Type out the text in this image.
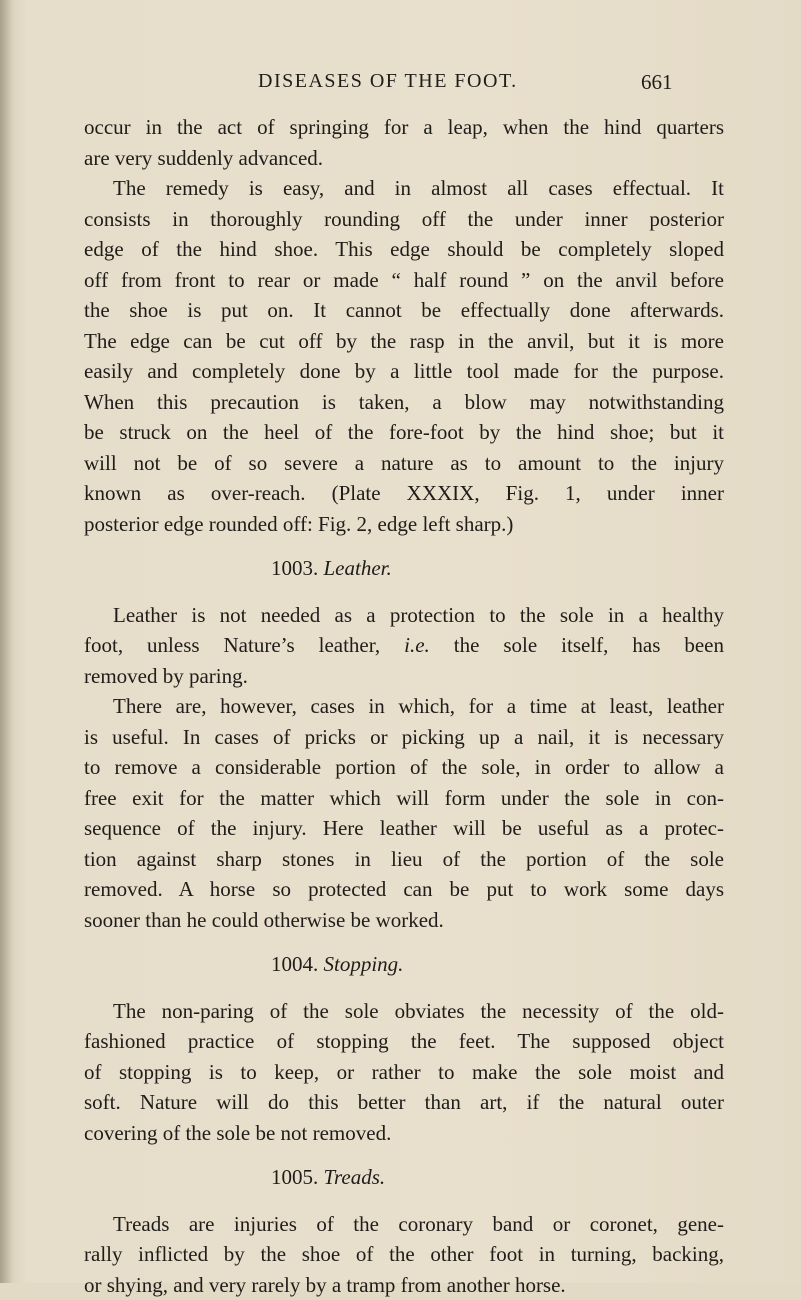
DISEASES OF THE FOOT.	661
occur in the act of springing for a leap, when the hind quarters
are very suddenly advanced.
The remedy is easy, and in almost all cases effectual. It
consists in thoroughly rounding off the under inner posterior
edge of the hind shoe. This edge should be completely sloped
off from front to rear or made “ half round ” on the anvil before
the shoe is put on. It cannot be effectually done afterwards.
The edge can be cut off by the rasp in the anvil, but it is more
easily and completely done by a little tool made for the purpose.
When this precaution is taken, a blow may notwithstanding
be struck on the heel of the fore-foot by the hind shoe; but it
will not be of so severe a nature as to amount to the injury
known as over-reach. (Plate XXXIX, Fig. 1, under inner
posterior edge rounded off: Fig. 2, edge left sharp.)
1003. Leather.
Leather is not needed as a protection to the sole in a healthy
foot, unless Nature’s leather, i.e. the sole itself, has been
removed by paring.
There are, however, cases in which, for a time at least, leather
is useful. In cases of pricks or picking up a nail, it is necessary
to remove a considerable portion of the sole, in order to allow a
free exit for the matter which will form under the sole in con-
sequence of the injury. Here leather will be useful as a protec-
tion against sharp stones in lieu of the portion of the sole
removed. A horse so protected can be put to work some days
sooner than he could otherwise be worked.
1004. Stopping.
The non-paring of the sole obviates the necessity of the old-
fashioned practice of stopping the feet. The supposed object
of stopping is to keep, or rather to make the sole moist and
soft. Nature will do this better than art, if the natural outer
covering of the sole be not removed.
1005. Treads.
Treads are injuries of the coronary band or coronet, gene-
rally inflicted by the shoe of the other foot in turning, backing,
or shying, and very rarely by a tramp from another horse.
